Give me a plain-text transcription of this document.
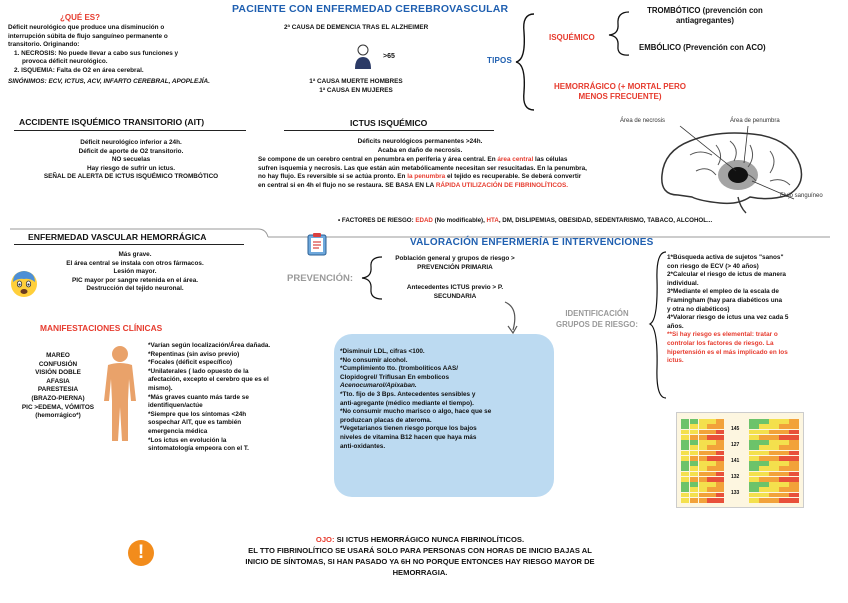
PACIENTE CON ENFERMEDAD CEREBROVASCULAR
¿QUÉ ES?
Déficit neurológico que produce una disminución o
interrupción súbita de flujo sanguíneo permanente o
transitorio. Originando:
1. NECROSIS: No puede llevar a cabo sus funciones y
provoca déficit neurológico.
2. ISQUEMIA: Falta de O2 en área cerebral.
SINÓNIMOS: ECV, ICTUS, ACV, INFARTO CEREBRAL, APOPLEJÍA.
2ª CAUSA DE DEMENCIA TRAS EL ALZHEIMER
>65
1ª CAUSA MUERTE HOMBRES
1ª CAUSA EN MUJERES
TIPOS
ISQUÉMICO
TROMBÓTICO (prevención con antiagregantes)
EMBÓLICO (Prevención con ACO)
HEMORRÁGICO (+ MORTAL PERO MENOS FRECUENTE)
ACCIDENTE ISQUÉMICO TRANSITORIO (AIT)
Déficit neurológico inferior a 24h.
Déficit de aporte de O2 transitorio.
NO secuelas
Hay riesgo de sufrir un ictus.
SEÑAL DE ALERTA DE ICTUS ISQUÉMICO TROMBÓTICO
ICTUS ISQUÉMICO
Déficits neurológicos permanentes >24h.
Acaba en daño de necrosis.
Se compone de un cerebro central en penumbra en periferia y área central. En área central las células sufren isquemia y necrosis. Las que están aún metabólicamente necesitan ser resucitadas. En la penumbra, no hay flujo. Es reversible si se actúa pronto. En la penumbra el tejido es recuperable. Se deberá convertir en central si en 4h el flujo no se restaura. SE BASA EN LA RÁPIDA UTILIZACIÓN DE FIBRINOLÍTICOS.
• FACTORES DE RIESGO: EDAD (No modificable), HTA, DM, DISLIPEMIAS, OBESIDAD, SEDENTARISMO, TABACO, ALCOHOL...
Área de necrosis	Área de penumbra
Flujo sanguíneo
ENFERMEDAD VASCULAR HEMORRÁGICA
Más grave.
El área central se instala con otros fármacos.
Lesión mayor.
PIC mayor por sangre retenida en el área.
Destrucción del tejido neuronal.
VALORACIÓN ENFERMERÍA E INTERVENCIONES
PREVENCIÓN:
Población general y grupos de riesgo >
PREVENCIÓN PRIMARIA
Antecedentes ICTUS previo > P.
SECUNDARIA
MANIFESTACIONES CLÍNICAS
MAREO
CONFUSIÓN
VISIÓN DOBLE
AFASIA
PARESTESIA
(BRAZO-PIERNA)
PIC >EDEMA, VÓMITOS
(hemorrágico*)
*Varían según localización/Área dañada.
*Repentinas (sin aviso previo)
*Focales (déficit específico)
*Unilaterales ( lado opuesto de la
afectación, excepto el cerebro que es el
mismo).
*Más graves cuanto más tarde se
identifiquen/actúe
*Siempre que los síntomas <24h
sospechar AIT, que es también
emergencia médica
*Los ictus en evolución la
sintomatología empeora con el T.
*Disminuir LDL, cifras <100.
*No consumir alcohol.
*Cumplimiento tto. (tromboliticos AAS/
Clopidogrel/ Triflusan En embolicos
Acenocumarol/Apixaban.
*Tto. fijo de 3 Bps. Antecedentes sensibles y
anti-agregante (médico mediante el tiempo).
*No consumir mucho marisco o algo, hace que se
produzcan placas de ateroma.
*Vegetarianos tienen riesgo porque los bajos
niveles de vitamina B12 hacen que haya más
anti-oxidantes.
IDENTIFICACIÓN
GRUPOS DE RIESGO:
1*Búsqueda activa de sujetos "sanos"
con riesgo de ECV (> 40 años)
2*Calcular el riesgo de ictus de manera
individual.
3*Mediante el empleo de la escala de
Framingham (hay para diabéticos una
y otra no diabéticos)
4*Valorar riesgo de ictus una vez cada 5
años.
**Si hay riesgo es elemental: tratar o
controlar los factores de riesgo. La
hipertensión es el más implicado en los
ictus.
145
127
141
132
133
!
OJO: SI ICTUS HEMORRÁGICO NUNCA FIBRINOLÍTICOS.
EL TTO FIBRINOLÍTICO SE USARÁ SOLO PARA PERSONAS CON HORAS DE INICIO BAJAS AL
INICIO DE SÍNTOMAS, SI HAN PASADO YA 6H NO PORQUE ENTONCES HAY RIESGO MAYOR DE
HEMORRAGIA.
